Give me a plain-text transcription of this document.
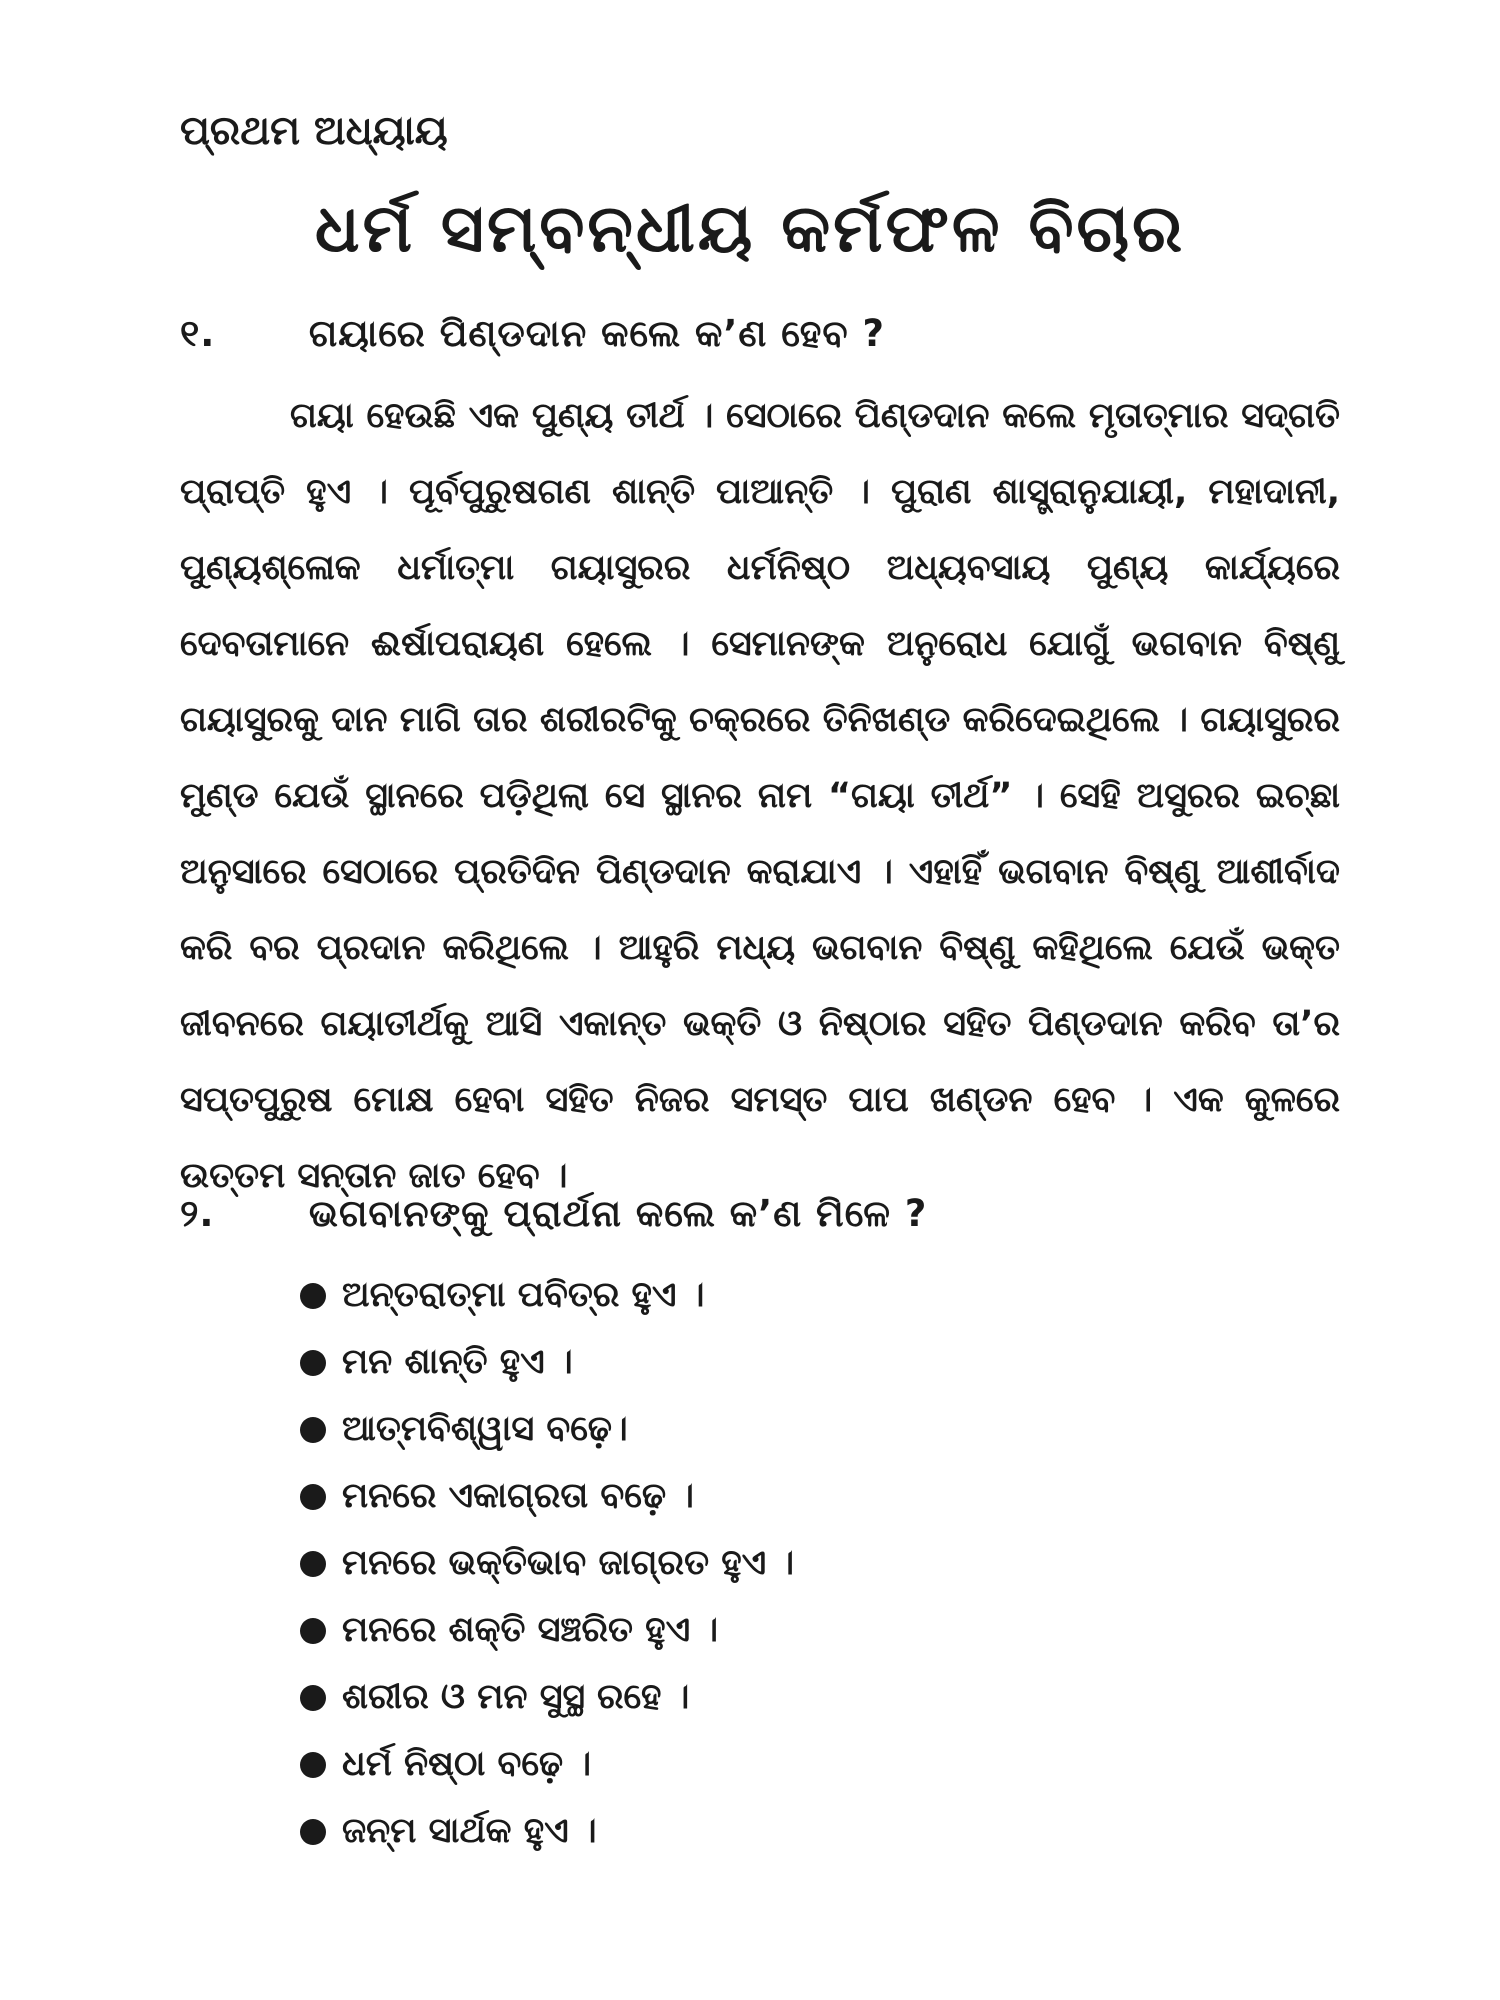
ପ୍ରଥମ ଅଧ୍ୟାୟ
ଧର୍ମ ସମ୍ବନ୍ଧୀୟ କର୍ମଫଳ ବିଚାର
୧.	ଗୟାରେ ପିଣ୍ଡଦାନ କଲେ କ’ଣ ହେବ ?

ଗୟା ହେଉଛି ଏକ ପୁଣ୍ୟ ତୀର୍ଥ । ସେଠାରେ ପିଣ୍ଡଦାନ କଲେ ମୃତାତ୍ମାର ସଦ୍‌ଗତି ପ୍ରାପ୍ତି ହୁଏ । ପୂର୍ବପୁରୁଷଗଣ ଶାନ୍ତି ପାଆନ୍ତି । ପୁରାଣ ଶାସ୍ତ୍ରାନୁଯାୟୀ, ମହାଦାନୀ, ପୁଣ୍ୟଶ୍ଳୋକ ଧର୍ମାତ୍ମା ଗୟାସୁରର ଧର୍ମନିଷ୍ଠ ଅଧ୍ୟବସାୟ ପୁଣ୍ୟ କାର୍ଯ୍ୟରେ ଦେବତାମାନେ ଈର୍ଷାପରାୟଣ ହେଲେ । ସେମାନଙ୍କ ଅନୁରୋଧ ଯୋଗୁଁ ଭଗବାନ ବିଷ୍ଣୁ ଗୟାସୁରକୁ ଦାନ ମାଗି ତାର ଶରୀରଟିକୁ ଚକ୍ରରେ ତିନିଖଣ୍ଡ କରିଦେଇଥିଲେ । ଗୟାସୁରର ମୁଣ୍ଡ ଯେଉଁ ସ୍ଥାନରେ ପଡ଼ିଥିଲା ସେ ସ୍ଥାନର ନାମ “ଗୟା ତୀର୍ଥ” । ସେହି ଅସୁରର ଇଚ୍ଛା ଅନୁସାରେ ସେଠାରେ ପ୍ରତିଦିନ ପିଣ୍ଡଦାନ କରାଯାଏ । ଏହାହିଁ ଭଗବାନ ବିଷ୍ଣୁ ଆଶୀର୍ବାଦ କରି ବର ପ୍ରଦାନ କରିଥିଲେ । ଆହୁରି ମଧ୍ୟ ଭଗବାନ ବିଷ୍ଣୁ କହିଥିଲେ ଯେଉଁ ଭକ୍ତ ଜୀବନରେ ଗୟାତୀର୍ଥକୁ ଆସି ଏକାନ୍ତ ଭକ୍ତି ଓ ନିଷ୍ଠାର ସହିତ ପିଣ୍ଡଦାନ କରିବ ତା’ର ସପ୍ତପୁରୁଷ ମୋକ୍ଷ ହେବା ସହିତ ନିଜର ସମସ୍ତ ପାପ ଖଣ୍ଡନ ହେବ । ଏକ କୁଳରେ ଉତ୍ତମ ସନ୍ତାନ ଜାତ ହେବ ।

୨.	ଭଗବାନଙ୍କୁ ପ୍ରାର୍ଥନା କଲେ କ’ଣ ମିଳେ ?
ଅନ୍ତରାତ୍ମା ପବିତ୍ର ହୁଏ ।
ମନ ଶାନ୍ତି ହୁଏ ।
ଆତ୍ମବିଶ୍ୱାସ ବଢ଼େ।
ମନରେ ଏକାଗ୍ରତା ବଢ଼େ ।
ମନରେ ଭକ୍ତିଭାବ ଜାଗ୍ରତ ହୁଏ ।
ମନରେ ଶକ୍ତି ସଞ୍ଚରିତ ହୁଏ ।
ଶରୀର ଓ ମନ ସୁସ୍ଥ ରହେ ।
ଧର୍ମ ନିଷ୍ଠା ବଢ଼େ ।
ଜନ୍ମ ସାର୍ଥକ ହୁଏ ।
